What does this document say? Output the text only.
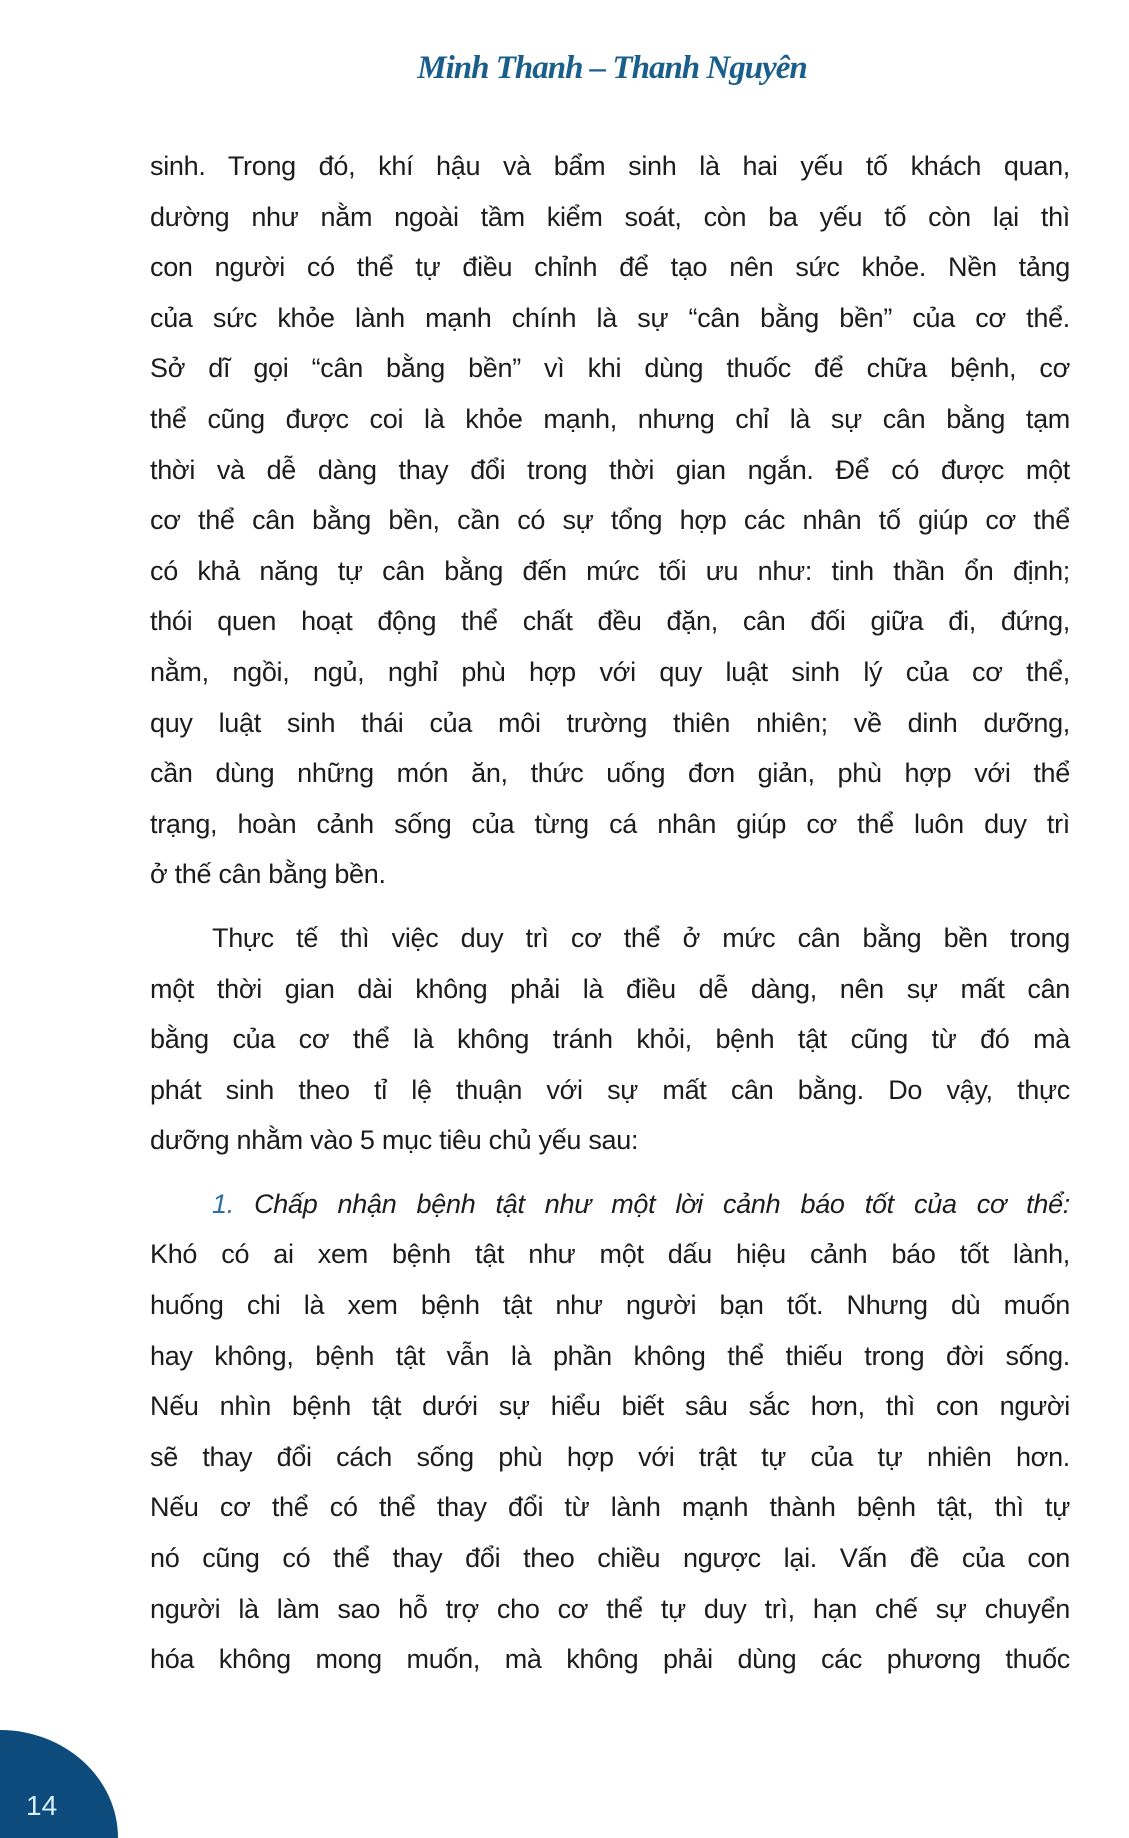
Minh Thanh – Thanh Nguyên
sinh. Trong đó, khí hậu và bẩm sinh là hai yếu tố khách quan,
dường như nằm ngoài tầm kiểm soát, còn ba yếu tố còn lại thì
con người có thể tự điều chỉnh để tạo nên sức khỏe. Nền tảng
của sức khỏe lành mạnh chính là sự “cân bằng bền” của cơ thể.
Sở dĩ gọi “cân bằng bền” vì khi dùng thuốc để chữa bệnh, cơ
thể cũng được coi là khỏe mạnh, nhưng chỉ là sự cân bằng tạm
thời và dễ dàng thay đổi trong thời gian ngắn. Để có được một
cơ thể cân bằng bền, cần có sự tổng hợp các nhân tố giúp cơ thể
có khả năng tự cân bằng đến mức tối ưu như: tinh thần ổn định;
thói quen hoạt động thể chất đều đặn, cân đối giữa đi, đứng,
nằm, ngồi, ngủ, nghỉ phù hợp với quy luật sinh lý của cơ thể,
quy luật sinh thái của môi trường thiên nhiên; về dinh dưỡng,
cần dùng những món ăn, thức uống đơn giản, phù hợp với thể
trạng, hoàn cảnh sống của từng cá nhân giúp cơ thể luôn duy trì
ở thế cân bằng bền.
Thực tế thì việc duy trì cơ thể ở mức cân bằng bền trong
một thời gian dài không phải là điều dễ dàng, nên sự mất cân
bằng của cơ thể là không tránh khỏi, bệnh tật cũng từ đó mà
phát sinh theo tỉ lệ thuận với sự mất cân bằng. Do vậy, thực
dưỡng nhằm vào 5 mục tiêu chủ yếu sau:
1. Chấp nhận bệnh tật như một lời cảnh báo tốt của cơ thể:
Khó có ai xem bệnh tật như một dấu hiệu cảnh báo tốt lành,
huống chi là xem bệnh tật như người bạn tốt. Nhưng dù muốn
hay không, bệnh tật vẫn là phần không thể thiếu trong đời sống.
Nếu nhìn bệnh tật dưới sự hiểu biết sâu sắc hơn, thì con người
sẽ thay đổi cách sống phù hợp với trật tự của tự nhiên hơn.
Nếu cơ thể có thể thay đổi từ lành mạnh thành bệnh tật, thì tự
nó cũng có thể thay đổi theo chiều ngược lại. Vấn đề của con
người là làm sao hỗ trợ cho cơ thể tự duy trì, hạn chế sự chuyển
hóa không mong muốn, mà không phải dùng các phương thuốc
14
